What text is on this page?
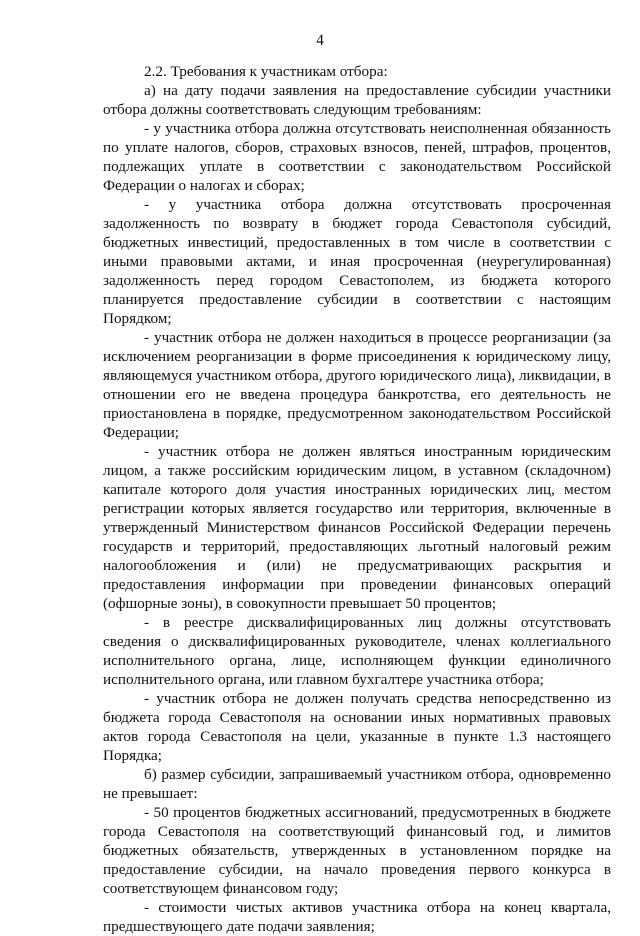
4

2.2. Требования к участникам отбора:

а) на дату подачи заявления на предоставление субсидии участники отбора должны соответствовать следующим требованиям:

- у участника отбора должна отсутствовать неисполненная обязанность по уплате налогов, сборов, страховых взносов, пеней, штрафов, процентов, подлежащих уплате в соответствии с законодательством Российской Федерации о налогах и сборах;

- у участника отбора должна отсутствовать просроченная задолженность по возврату в бюджет города Севастополя субсидий, бюджетных инвестиций, предоставленных в том числе в соответствии с иными правовыми актами, и иная просроченная (неурегулированная) задолженность перед городом Севастополем, из бюджета которого планируется предоставление субсидии в соответствии с настоящим Порядком;

- участник отбора не должен находиться в процессе реорганизации (за исключением реорганизации в форме присоединения к юридическому лицу, являющемуся участником отбора, другого юридического лица), ликвидации, в отношении его не введена процедура банкротства, его деятельность не приостановлена в порядке, предусмотренном законодательством Российской Федерации;

- участник отбора не должен являться иностранным юридическим лицом, а также российским юридическим лицом, в уставном (складочном) капитале которого доля участия иностранных юридических лиц, местом регистрации которых является государство или территория, включенные в утвержденный Министерством финансов Российской Федерации перечень государств и территорий, предоставляющих льготный налоговый режим налогообложения и (или) не предусматривающих раскрытия и предоставления информации при проведении финансовых операций (офшорные зоны), в совокупности превышает 50 процентов;

- в реестре дисквалифицированных лиц должны отсутствовать сведения о дисквалифицированных руководителе, членах коллегиального исполнительного органа, лице, исполняющем функции единоличного исполнительного органа, или главном бухгалтере участника отбора;

- участник отбора не должен получать средства непосредственно из бюджета города Севастополя на основании иных нормативных правовых актов города Севастополя на цели, указанные в пункте 1.3 настоящего Порядка;

б) размер субсидии, запрашиваемый участником отбора, одновременно не превышает:

- 50 процентов бюджетных ассигнований, предусмотренных в бюджете города Севастополя на соответствующий финансовый год, и лимитов бюджетных обязательств, утвержденных в установленном порядке на предоставление субсидии, на начало проведения первого конкурса в соответствующем финансовом году;

- стоимости чистых активов участника отбора на конец квартала, предшествующего дате подачи заявления;
